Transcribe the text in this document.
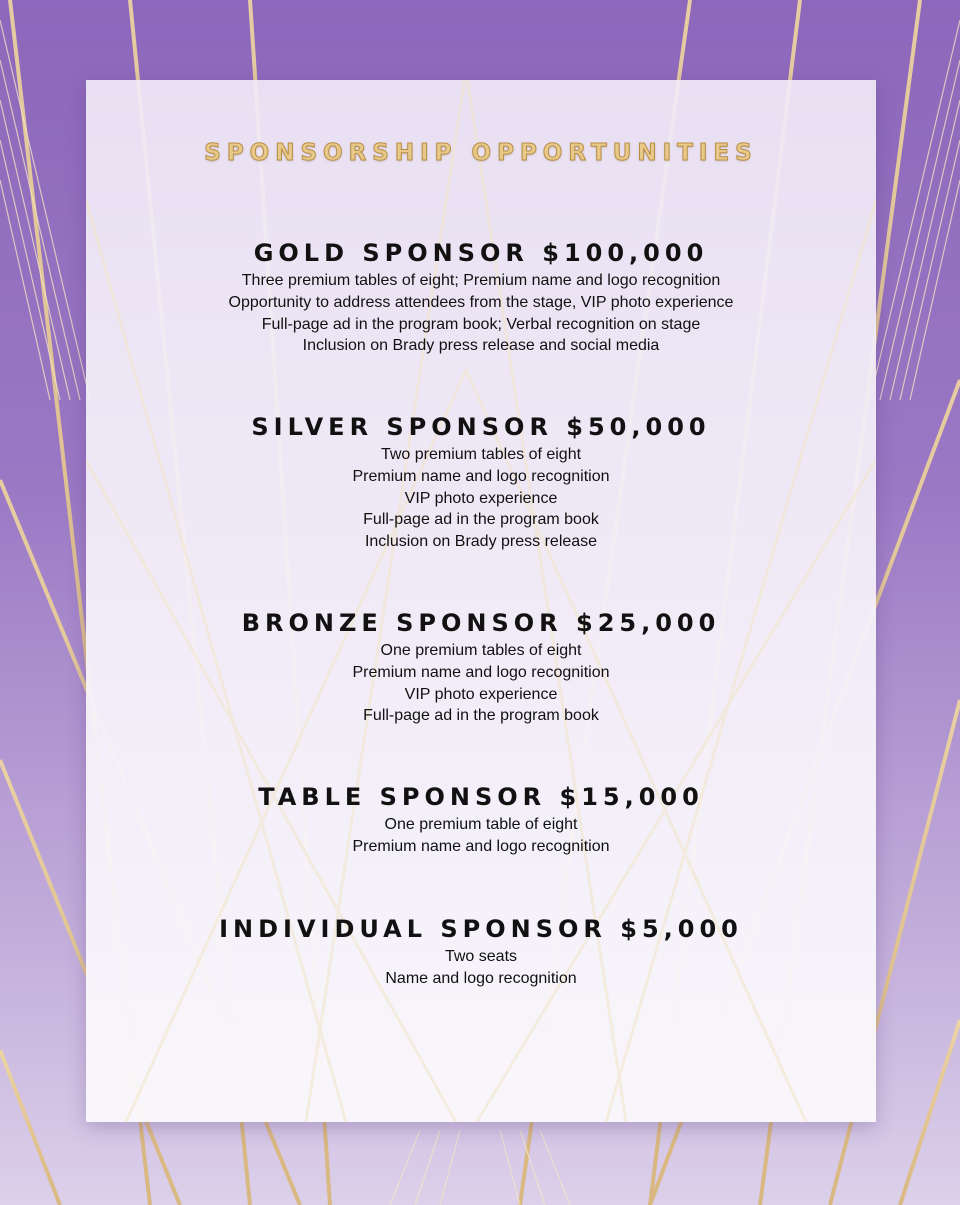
SPONSORSHIP OPPORTUNITIES
GOLD SPONSOR $100,000
Three premium tables of eight; Premium name and logo recognition
Opportunity to address attendees from the stage, VIP photo experience
Full-page ad in the program book; Verbal recognition on stage
Inclusion on Brady press release and social media
SILVER SPONSOR $50,000
Two premium tables of eight
Premium name and logo recognition
VIP photo experience
Full-page ad in the program book
Inclusion on Brady press release
BRONZE SPONSOR $25,000
One premium tables of eight
Premium name and logo recognition
VIP photo experience
Full-page ad in the program book
TABLE SPONSOR $15,000
One premium table of eight
Premium name and logo recognition
INDIVIDUAL SPONSOR $5,000
Two seats
Name and logo recognition
